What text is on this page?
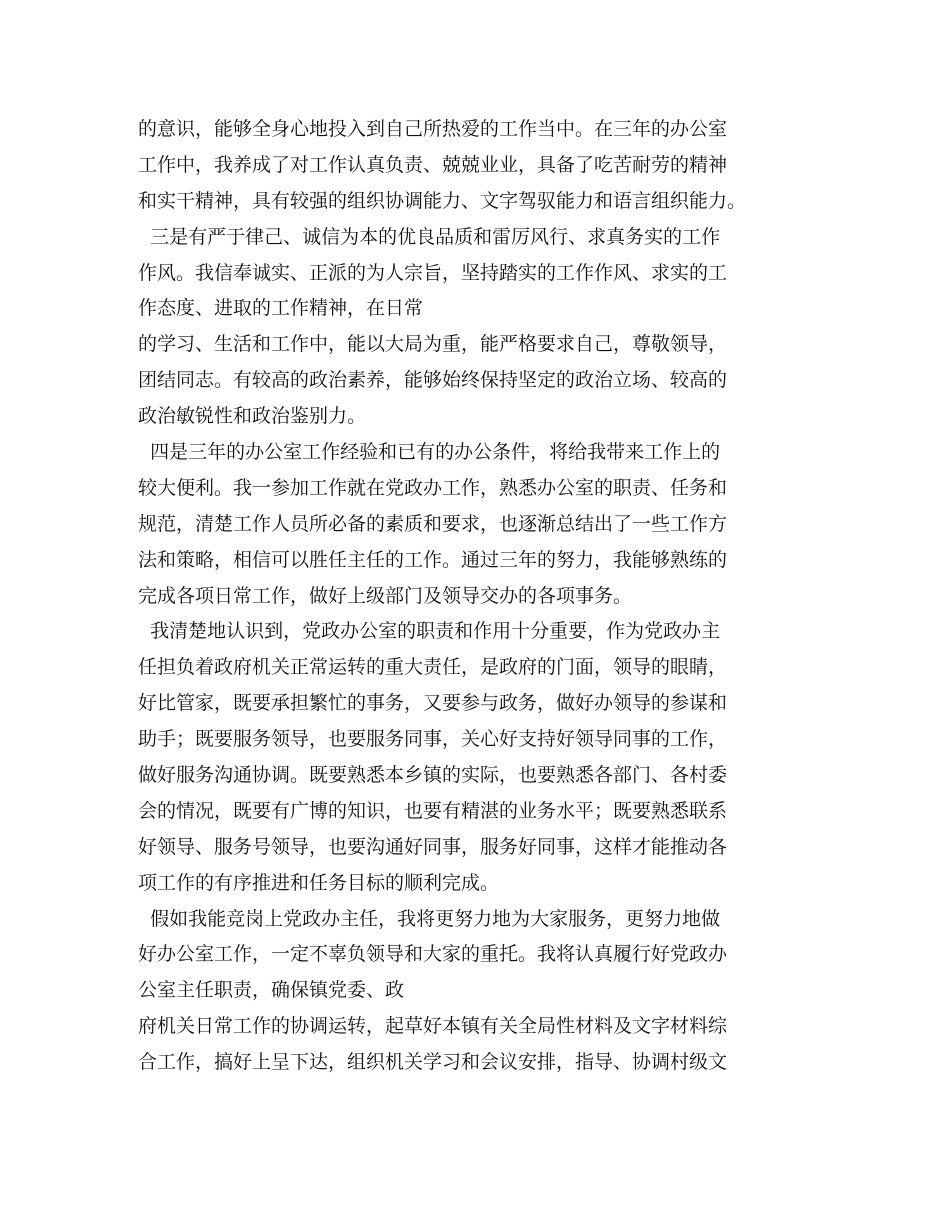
的意识，能够全身心地投入到自己所热爱的工作当中。在三年的办公室
工作中，我养成了对工作认真负责、兢兢业业，具备了吃苦耐劳的精神
和实干精神，具有较强的组织协调能力、文字驾驭能力和语言组织能力。
三是有严于律己、诚信为本的优良品质和雷厉风行、求真务实的工作
作风。我信奉诚实、正派的为人宗旨，坚持踏实的工作作风、求实的工
作态度、进取的工作精神，在日常
的学习、生活和工作中，能以大局为重，能严格要求自己，尊敬领导，
团结同志。有较高的政治素养，能够始终保持坚定的政治立场、较高的
政治敏锐性和政治鉴别力。
四是三年的办公室工作经验和已有的办公条件，将给我带来工作上的
较大便利。我一参加工作就在党政办工作，熟悉办公室的职责、任务和
规范，清楚工作人员所必备的素质和要求，也逐渐总结出了一些工作方
法和策略，相信可以胜任主任的工作。通过三年的努力，我能够熟练的
完成各项日常工作，做好上级部门及领导交办的各项事务。
我清楚地认识到，党政办公室的职责和作用十分重要，作为党政办主
任担负着政府机关正常运转的重大责任，是政府的门面，领导的眼睛，
好比管家，既要承担繁忙的事务，又要参与政务，做好办领导的参谋和
助手；既要服务领导，也要服务同事，关心好支持好领导同事的工作，
做好服务沟通协调。既要熟悉本乡镇的实际，也要熟悉各部门、各村委
会的情况，既要有广博的知识，也要有精湛的业务水平；既要熟悉联系
好领导、服务号领导，也要沟通好同事，服务好同事，这样才能推动各
项工作的有序推进和任务目标的顺利完成。
假如我能竞岗上党政办主任，我将更努力地为大家服务，更努力地做
好办公室工作，一定不辜负领导和大家的重托。我将认真履行好党政办
公室主任职责，确保镇党委、政
府机关日常工作的协调运转，起草好本镇有关全局性材料及文字材料综
合工作，搞好上呈下达，组织机关学习和会议安排，指导、协调村级文
